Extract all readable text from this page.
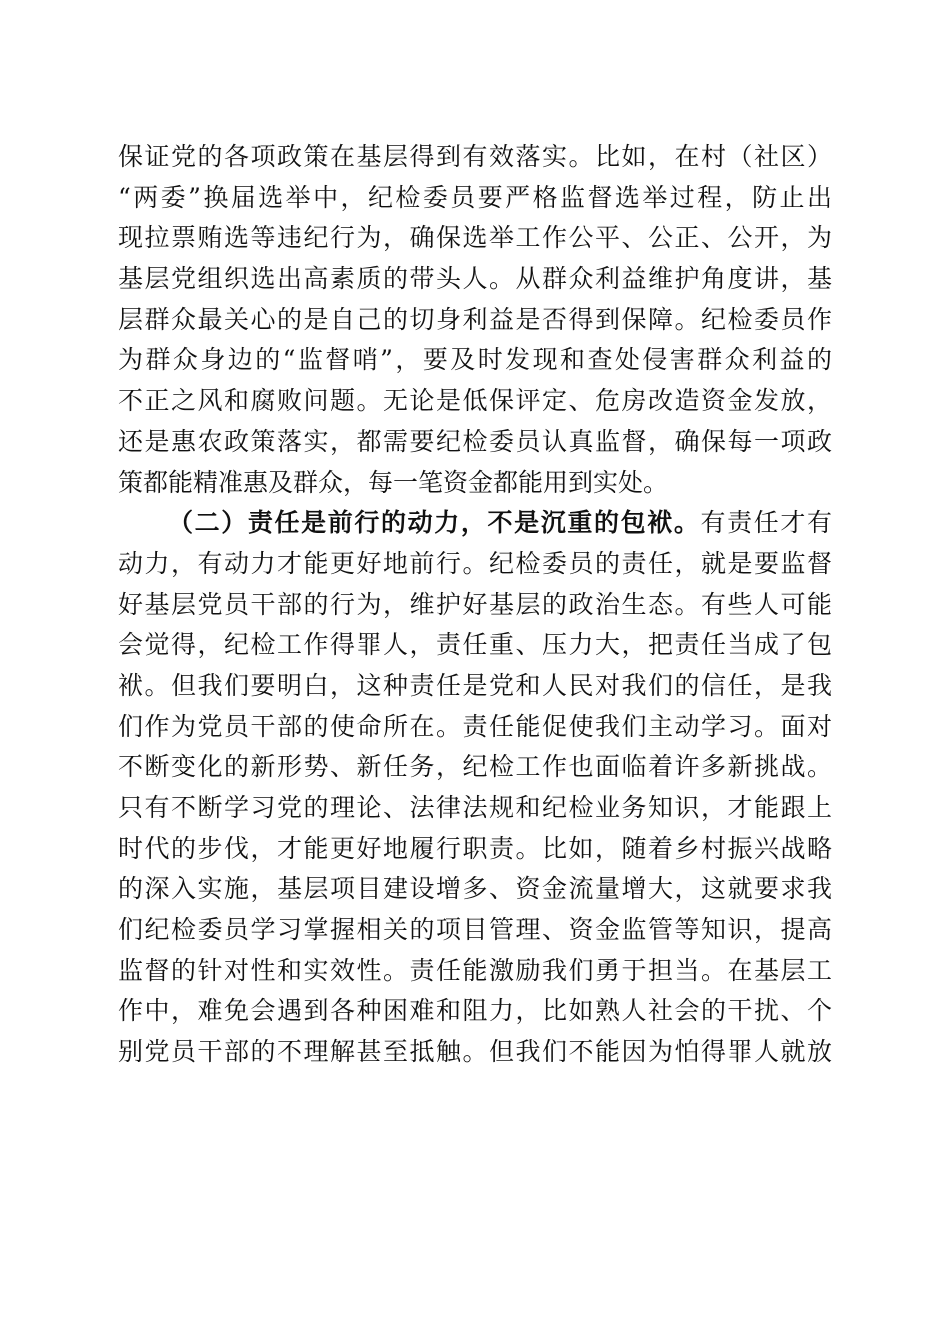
保证党的各项政策在基层得到有效落实。比如，在村（社区）
“两委”换届选举中，纪检委员要严格监督选举过程，防止出
现拉票贿选等违纪行为，确保选举工作公平、公正、公开，为
基层党组织选出高素质的带头人。从群众利益维护角度讲，基
层群众最关心的是自己的切身利益是否得到保障。纪检委员作
为群众身边的“监督哨”，要及时发现和查处侵害群众利益的
不正之风和腐败问题。无论是低保评定、危房改造资金发放，
还是惠农政策落实，都需要纪检委员认真监督，确保每一项政
策都能精准惠及群众，每一笔资金都能用到实处。
（二）责任是前行的动力，不是沉重的包袱。有责任才有
动力，有动力才能更好地前行。纪检委员的责任，就是要监督
好基层党员干部的行为，维护好基层的政治生态。有些人可能
会觉得，纪检工作得罪人，责任重、压力大，把责任当成了包
袱。但我们要明白，这种责任是党和人民对我们的信任，是我
们作为党员干部的使命所在。责任能促使我们主动学习。面对
不断变化的新形势、新任务，纪检工作也面临着许多新挑战。
只有不断学习党的理论、法律法规和纪检业务知识，才能跟上
时代的步伐，才能更好地履行职责。比如，随着乡村振兴战略
的深入实施，基层项目建设增多、资金流量增大，这就要求我
们纪检委员学习掌握相关的项目管理、资金监管等知识，提高
监督的针对性和实效性。责任能激励我们勇于担当。在基层工
作中，难免会遇到各种困难和阻力，比如熟人社会的干扰、个
别党员干部的不理解甚至抵触。但我们不能因为怕得罪人就放
